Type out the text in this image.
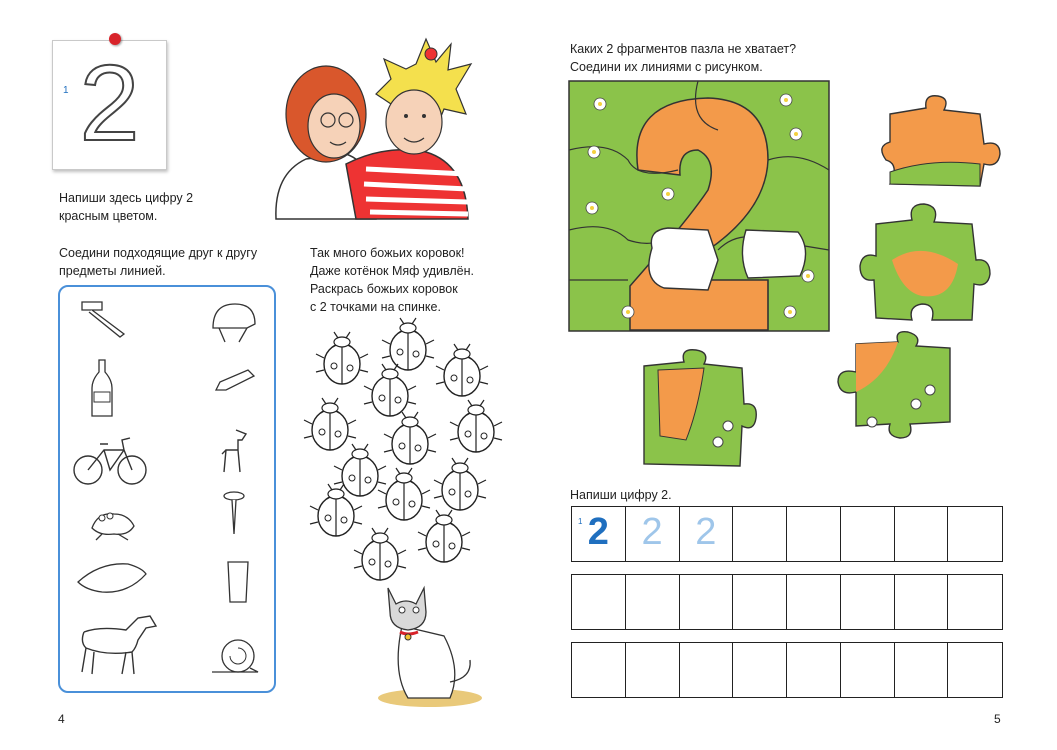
1 2
Напиши здесь цифру 2
красным цветом.
Соедини подходящие друг к другу
предметы линией.
Так много божьих коровок!
Даже котёнок Мяф удивлён.
Раскрась божьих коровок
с 2 точками на спинке.
4
Каких 2 фрагментов пазла не хватает?
Соедини их линиями с рисунком.
Напиши цифру 2.
1 2 2 2
5
